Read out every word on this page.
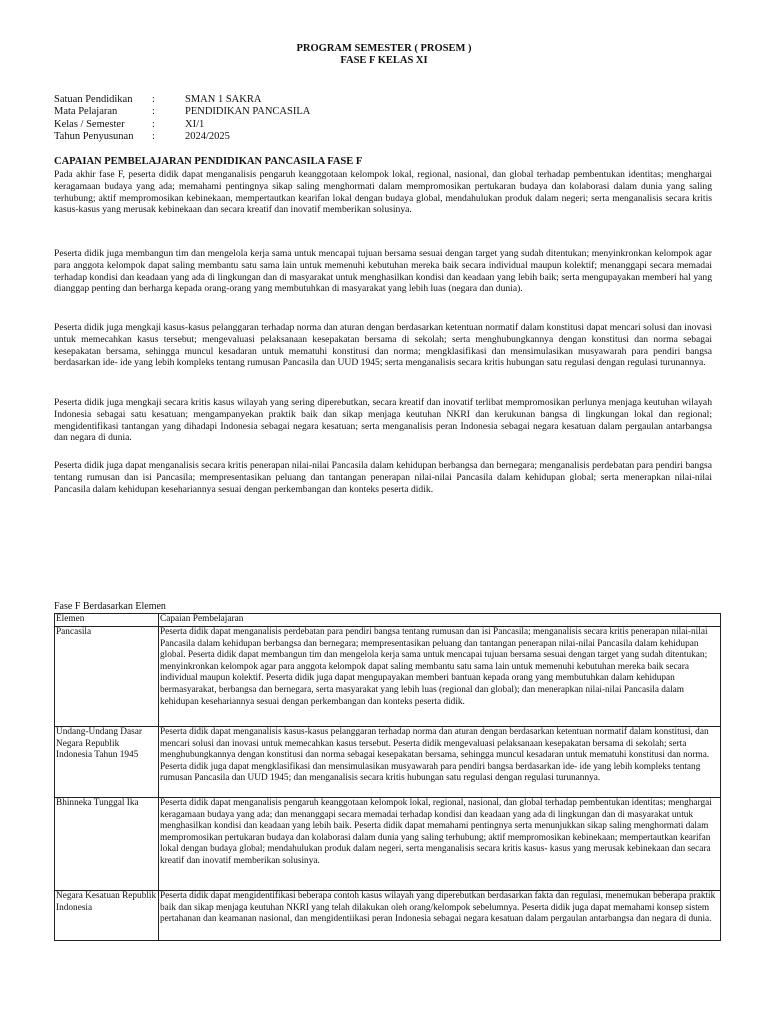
PROGRAM SEMESTER ( PROSEM )
FASE F KELAS XI
Satuan Pendidikan	:	SMAN 1 SAKRA
Mata Pelajaran	:	PENDIDIKAN PANCASILA
Kelas / Semester	:	XI/1
Tahun Penyusunan	:	2024/2025
CAPAIAN PEMBELAJARAN PENDIDIKAN PANCASILA FASE F

Pada akhir fase F, peserta didik dapat menganalisis pengaruh keanggotaan kelompok lokal, regional, nasional, dan global terhadap pembentukan identitas; menghargai keragamaan budaya yang ada; memahami pentingnya sikap saling menghormati dalam mempromosikan pertukaran budaya dan kolaborasi dalam dunia yang saling terhubung; aktif mempromosikan kebinekaan, mempertautkan kearifan lokal dengan budaya global, mendahulukan produk dalam negeri; serta menganalisis secara kritis kasus-kasus yang merusak kebinekaan dan secara kreatif dan inovatif memberikan solusinya.

Peserta didik juga membangun tim dan mengelola kerja sama untuk mencapai tujuan bersama sesuai dengan target yang sudah ditentukan; menyinkronkan kelompok agar para anggota kelompok dapat saling membantu satu sama lain untuk memenuhi kebutuhan mereka baik secara individual maupun kolektif; menanggapi secara memadai terhadap kondisi dan keadaan yang ada di lingkungan dan di masyarakat untuk menghasilkan kondisi dan keadaan yang lebih baik; serta mengupayakan memberi hal yang dianggap penting dan berharga kepada orang-orang yang membutuhkan di masyarakat yang lebih luas (negara dan dunia).

Peserta didik juga mengkaji kasus-kasus pelanggaran terhadap norma dan aturan dengan berdasarkan ketentuan normatif dalam konstitusi dapat mencari solusi dan inovasi untuk memecahkan kasus tersebut; mengevaluasi pelaksanaan kesepakatan bersama di sekolah; serta menghubungkannya dengan konstitusi dan norma sebagai kesepakatan bersama, sehingga muncul kesadaran untuk mematuhi konstitusi dan norma; mengklasifikasi dan mensimulasikan musyawarah para pendiri bangsa berdasarkan ide- ide yang lebih kompleks tentang rumusan Pancasila dan UUD 1945; serta menganalisis secara kritis hubungan satu regulasi dengan regulasi turunannya.

Peserta didik juga mengkaji secara kritis kasus wilayah yang sering diperebutkan, secara kreatif dan inovatif terlibat mempromosikan perlunya menjaga keutuhan wilayah Indonesia sebagai satu kesatuan; mengampanyekan praktik baik dan sikap menjaga keutuhan NKRI dan kerukunan bangsa di lingkungan lokal dan regional; mengidentifikasi tantangan yang dihadapi Indonesia sebagai negara kesatuan; serta menganalisis peran Indonesia sebagai negara kesatuan dalam pergaulan antarbangsa dan negara di dunia.

Peserta didik juga dapat menganalisis secara kritis penerapan nilai-nilai Pancasila dalam kehidupan berbangsa dan bernegara; menganalisis perdebatan para pendiri bangsa tentang rumusan dan isi Pancasila; mempresentasikan peluang dan tantangan penerapan nilai-nilai Pancasila dalam kehidupan global; serta menerapkan nilai-nilai Pancasila dalam kehidupan kesehariannya sesuai dengan perkembangan dan konteks peserta didik.

Fase F Berdasarkan Elemen
Elemen	Capaian Pembelajaran
Pancasila	Peserta didik dapat menganalisis perdebatan para pendiri bangsa tentang rumusan dan isi Pancasila; menganalisis secara kritis penerapan nilai-nilai Pancasila dalam kehidupan berbangsa dan bernegara; mempresentasikan peluang dan tantangan penerapan nilai-nilai Pancasila dalam kehidupan global. Peserta didik dapat membangun tim dan mengelola kerja sama untuk mencapai tujuan bersama sesuai dengan target yang sudah ditentukan; menyinkronkan kelompok agar para anggota kelompok dapat saling membantu satu sama lain untuk memenuhi kebutuhan mereka baik secara individual maupun kolektif. Peserta didik juga dapat mengupayakan memberi bantuan kepada orang yang membutuhkan dalam kehidupan bermasyarakat, berbangsa dan bernegara, serta masyarakat yang lebih luas (regional dan global); dan menerapkan nilai-nilai Pancasila dalam kehidupan kesehariannya sesuai dengan perkembangan dan konteks peserta didik.
Undang-Undang Dasar Negara Republik Indonesia Tahun 1945	Peserta didik dapat menganalisis kasus-kasus pelanggaran terhadap norma dan aturan dengan berdasarkan ketentuan normatif dalam konstitusi, dan mencari solusi dan inovasi untuk memecahkan kasus tersebut. Peserta didik mengevaluasi pelaksanaan kesepakatan bersama di sekolah; serta menghubungkannya dengan konstitusi dan norma sebagai kesepakatan bersama, sehingga muncul kesadaran untuk mematuhi konstitusi dan norma. Peserta didik juga dapat mengklasifikasi dan mensimulasikan musyawarah para pendiri bangsa berdasarkan ide- ide yang lebih kompleks tentang rumusan Pancasila dan UUD 1945; dan menganalisis secara kritis hubungan satu regulasi dengan regulasi turunannya.
Bhinneka Tunggal Ika	Peserta didik dapat menganalisis pengaruh keanggotaan kelompok lokal, regional, nasional, dan global terhadap pembentukan identitas; menghargai keragamaan budaya yang ada; dan menanggapi secara memadai terhadap kondisi dan keadaan yang ada di lingkungan dan di masyarakat untuk menghasilkan kondisi dan keadaan yang lebih baik. Peserta didik dapat memahami pentingnya serta menunjukkan sikap saling menghormati dalam mempromosikan pertukaran budaya dan kolaborasi dalam dunia yang saling terhubung; aktif mempromosikan kebinekaan; mempertautkan kearifan lokal dengan budaya global; mendahulukan produk dalam negeri, serta menganalisis secara kritis kasus- kasus yang merusak kebinekaan dan secara kreatif dan inovatif memberikan solusinya.
Negara Kesatuan Republik Indonesia	Peserta didik dapat mengidentifikasi beberapa contoh kasus wilayah yang diperebutkan berdasarkan fakta dan regulasi, menemukan beberapa praktik baik dan sikap menjaga keutuhan NKRI yang telah dilakukan oleh orang/kelompok sebelumnya. Peserta didik juga dapat memahami konsep sistem pertahanan dan keamanan nasional, dan mengidentiikasi peran Indonesia sebagai negara kesatuan dalam pergaulan antarbangsa dan negara di dunia.
